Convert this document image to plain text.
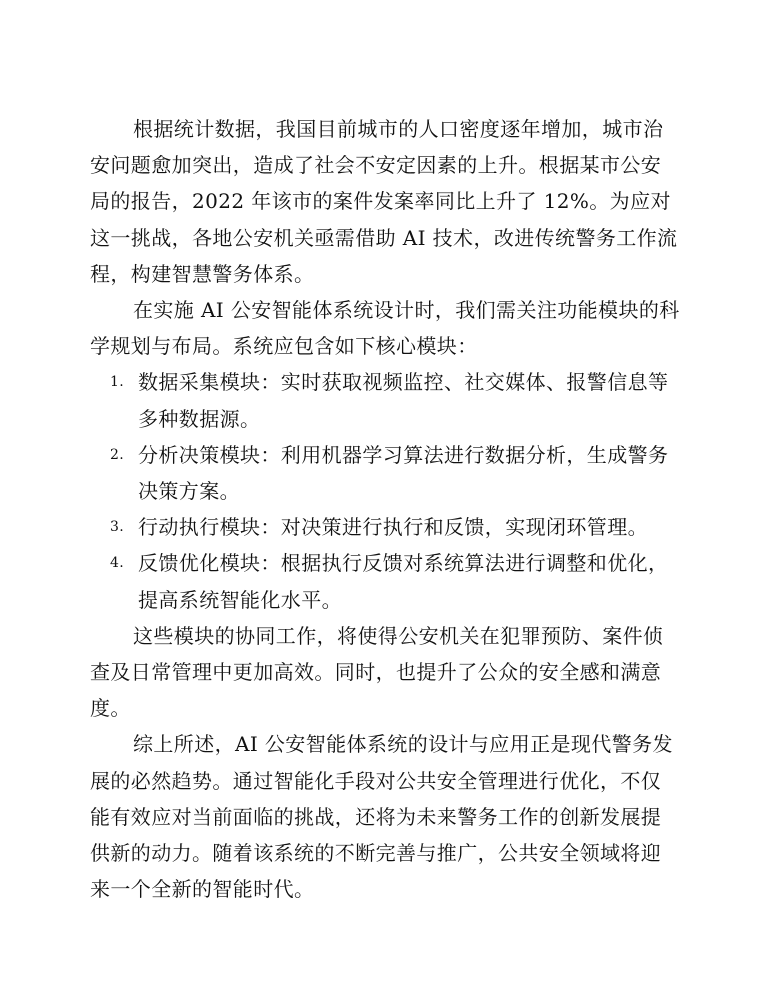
根据统计数据，我国目前城市的人口密度逐年增加，城市治安问题愈加突出，造成了社会不安定因素的上升。根据某市公安局的报告，2022 年该市的案件发案率同比上升了 12%。为应对这一挑战，各地公安机关亟需借助 AI 技术，改进传统警务工作流程，构建智慧警务体系。

在实施 AI 公安智能体系统设计时，我们需关注功能模块的科学规划与布局。系统应包含如下核心模块：

1. 数据采集模块：实时获取视频监控、社交媒体、报警信息等多种数据源。
2. 分析决策模块：利用机器学习算法进行数据分析，生成警务决策方案。
3. 行动执行模块：对决策进行执行和反馈，实现闭环管理。
4. 反馈优化模块：根据执行反馈对系统算法进行调整和优化，提高系统智能化水平。

这些模块的协同工作，将使得公安机关在犯罪预防、案件侦查及日常管理中更加高效。同时，也提升了公众的安全感和满意度。

综上所述，AI 公安智能体系统的设计与应用正是现代警务发展的必然趋势。通过智能化手段对公共安全管理进行优化，不仅能有效应对当前面临的挑战，还将为未来警务工作的创新发展提供新的动力。随着该系统的不断完善与推广，公共安全领域将迎来一个全新的智能时代。
